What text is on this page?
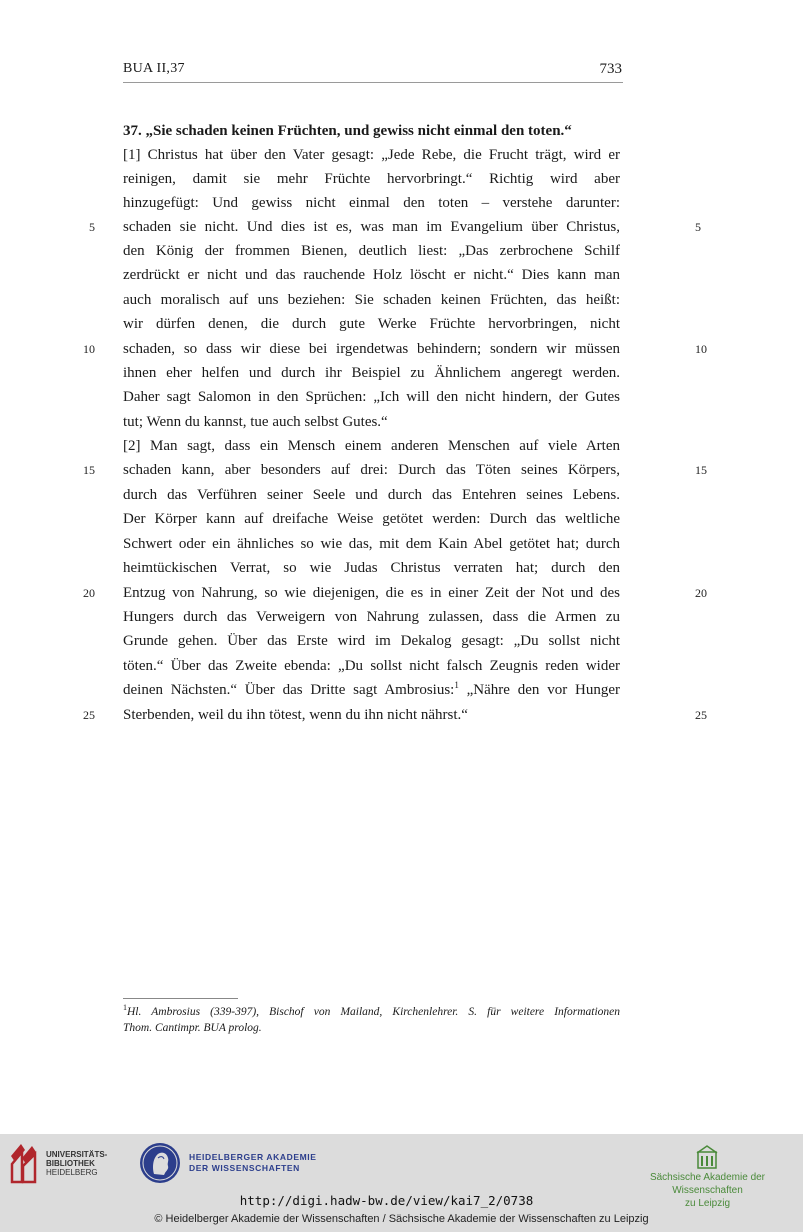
BUA II,37	733
37. „Sie schaden keinen Früchten, und gewiss nicht einmal den toten.“
[1] Christus hat über den Vater gesagt: „Jede Rebe, die Frucht trägt, wird er
reinigen, damit sie mehr Früchte hervorbringt.“ Richtig wird aber
hinzugefügt: Und gewiss nicht einmal den toten – verstehe darunter:
schaden sie nicht. Und dies ist es, was man im Evangelium über Christus,
den König der frommen Bienen, deutlich liest: „Das zerbrochene Schilf
zerdrückt er nicht und das rauchende Holz löscht er nicht.“ Dies kann man
auch moralisch auf uns beziehen: Sie schaden keinen Früchten, das heißt:
wir dürfen denen, die durch gute Werke Früchte hervorbringen, nicht
schaden, so dass wir diese bei irgendetwas behindern; sondern wir müssen
ihnen eher helfen und durch ihr Beispiel zu Ähnlichem angeregt werden.
Daher sagt Salomon in den Sprüchen: „Ich will den nicht hindern, der Gutes
tut; Wenn du kannst, tue auch selbst Gutes.“
[2] Man sagt, dass ein Mensch einem anderen Menschen auf viele Arten
schaden kann, aber besonders auf drei: Durch das Töten seines Körpers,
durch das Verführen seiner Seele und durch das Entehren seines Lebens.
Der Körper kann auf dreifache Weise getötet werden: Durch das weltliche
Schwert oder ein ähnliches so wie das, mit dem Kain Abel getötet hat; durch
heimtückischen Verrat, so wie Judas Christus verraten hat; durch den
Entzug von Nahrung, so wie diejenigen, die es in einer Zeit der Not und des
Hungers durch das Verweigern von Nahrung zulassen, dass die Armen zu
Grunde gehen. Über das Erste wird im Dekalog gesagt: „Du sollst nicht
töten.“ Über das Zweite ebenda: „Du sollst nicht falsch Zeugnis reden wider
deinen Nächsten.“ Über das Dritte sagt Ambrosius:$^1$ „Nähre den vor Hunger
Sterbenden, weil du ihn tötest, wenn du ihn nicht nährst.“
5
10
15
20
25
5
10
15
20
25
$^1$Hl. Ambrosius (339-397), Bischof von Mailand, Kirchenlehrer. S. für weitere Informationen
Thom. Cantimpr. BUA prolog.
UNIVERSITÄTS-
BIBLIOTHEK
HEIDELBERG
HEIDELBERGER AKADEMIE
DER WISSENSCHAFTEN
Sächsische Akademie der Wissenschaften
zu Leipzig
http://digi.hadw-bw.de/view/kai7_2/0738
© Heidelberger Akademie der Wissenschaften / Sächsische Akademie der Wissenschaften zu Leipzig
